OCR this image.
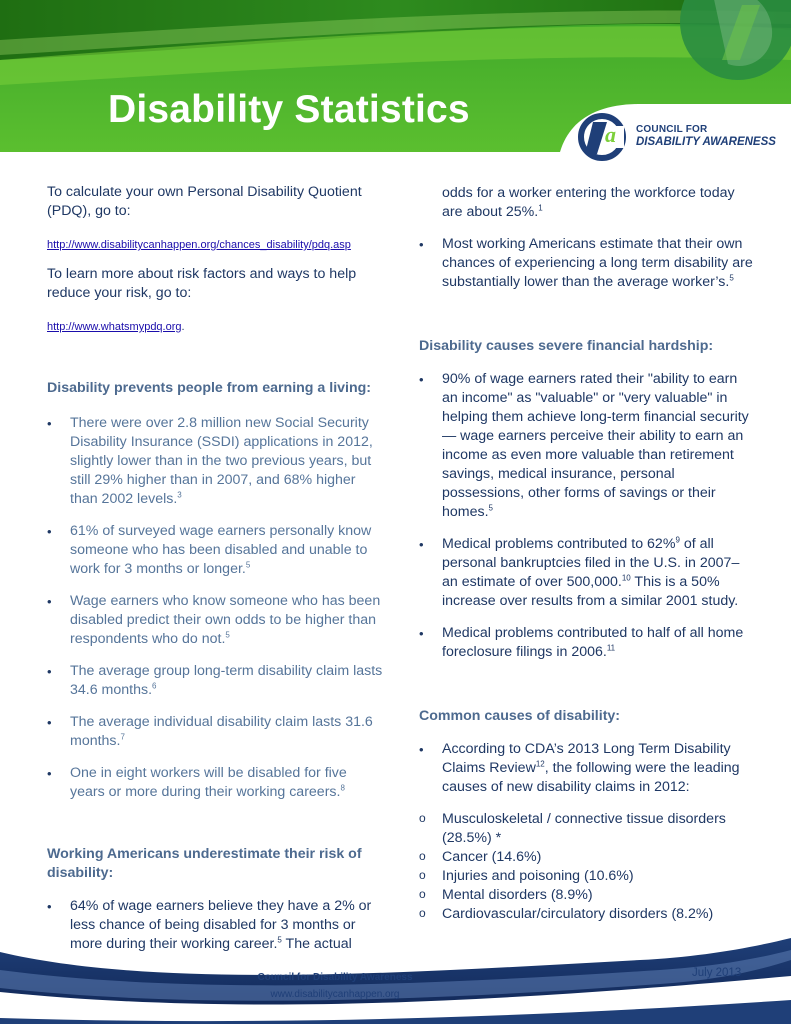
Disability Statistics
a COUNCIL FOR
DISABILITY AWARENESS

To calculate your own Personal Disability Quotient (PDQ), go to:

http://www.disabilitycanhappen.org/chances_disability/pdq.asp

To learn more about risk factors and ways to help reduce your risk, go to:

http://www.whatsmypdq.org.

Disability prevents people from earning a living:

• There were over 2.8 million new Social Security Disability Insurance (SSDI) applications in 2012, slightly lower than in the two previous years, but still 29% higher than in 2007, and 68% higher than 2002 levels.$^3$
• 61% of surveyed wage earners personally know someone who has been disabled and unable to work for 3 months or longer.$^5$
• Wage earners who know someone who has been disabled predict their own odds to be higher than respondents who do not.$^5$
• The average group long-term disability claim lasts 34.6 months.$^6$
• The average individual disability claim lasts 31.6 months.$^7$
• One in eight workers will be disabled for five years or more during their working careers.$^8$

Working Americans underestimate their risk of disability:

• 64% of wage earners believe they have a 2% or less chance of being disabled for 3 months or more during their working career.$^5$ The actual

odds for a worker entering the workforce today are about 25%.$^1$

• Most working Americans estimate that their own chances of experiencing a long term disability are substantially lower than the average worker’s.$^5$

Disability causes severe financial hardship:

• 90% of wage earners rated their "ability to earn an income" as "valuable" or "very valuable" in helping them achieve long-term financial security — wage earners perceive their ability to earn an income as even more valuable than retirement savings, medical insurance, personal possessions, other forms of savings or their homes.$^5$
• Medical problems contributed to 62%$^9$ of all personal bankruptcies filed in the U.S. in 2007– an estimate of over 500,000.10 This is a 50% increase over results from a similar 2001 study.
• Medical problems contributed to half of all home foreclosure filings in 2006.11

Common causes of disability:

• According to CDA’s 2013 Long Term Disability Claims Review$^{12}$, the following were the leading causes of new disability claims in 2012:
o Musculoskeletal / connective tissue disorders (28.5%) *
o Cancer (14.6%)
o Injuries and poisoning (10.6%)
o Mental disorders (8.9%)
o Cardiovascular/circulatory disorders (8.2%)
Council for Disability Awareness
www.disabilitycanhappen.org
July 2013
